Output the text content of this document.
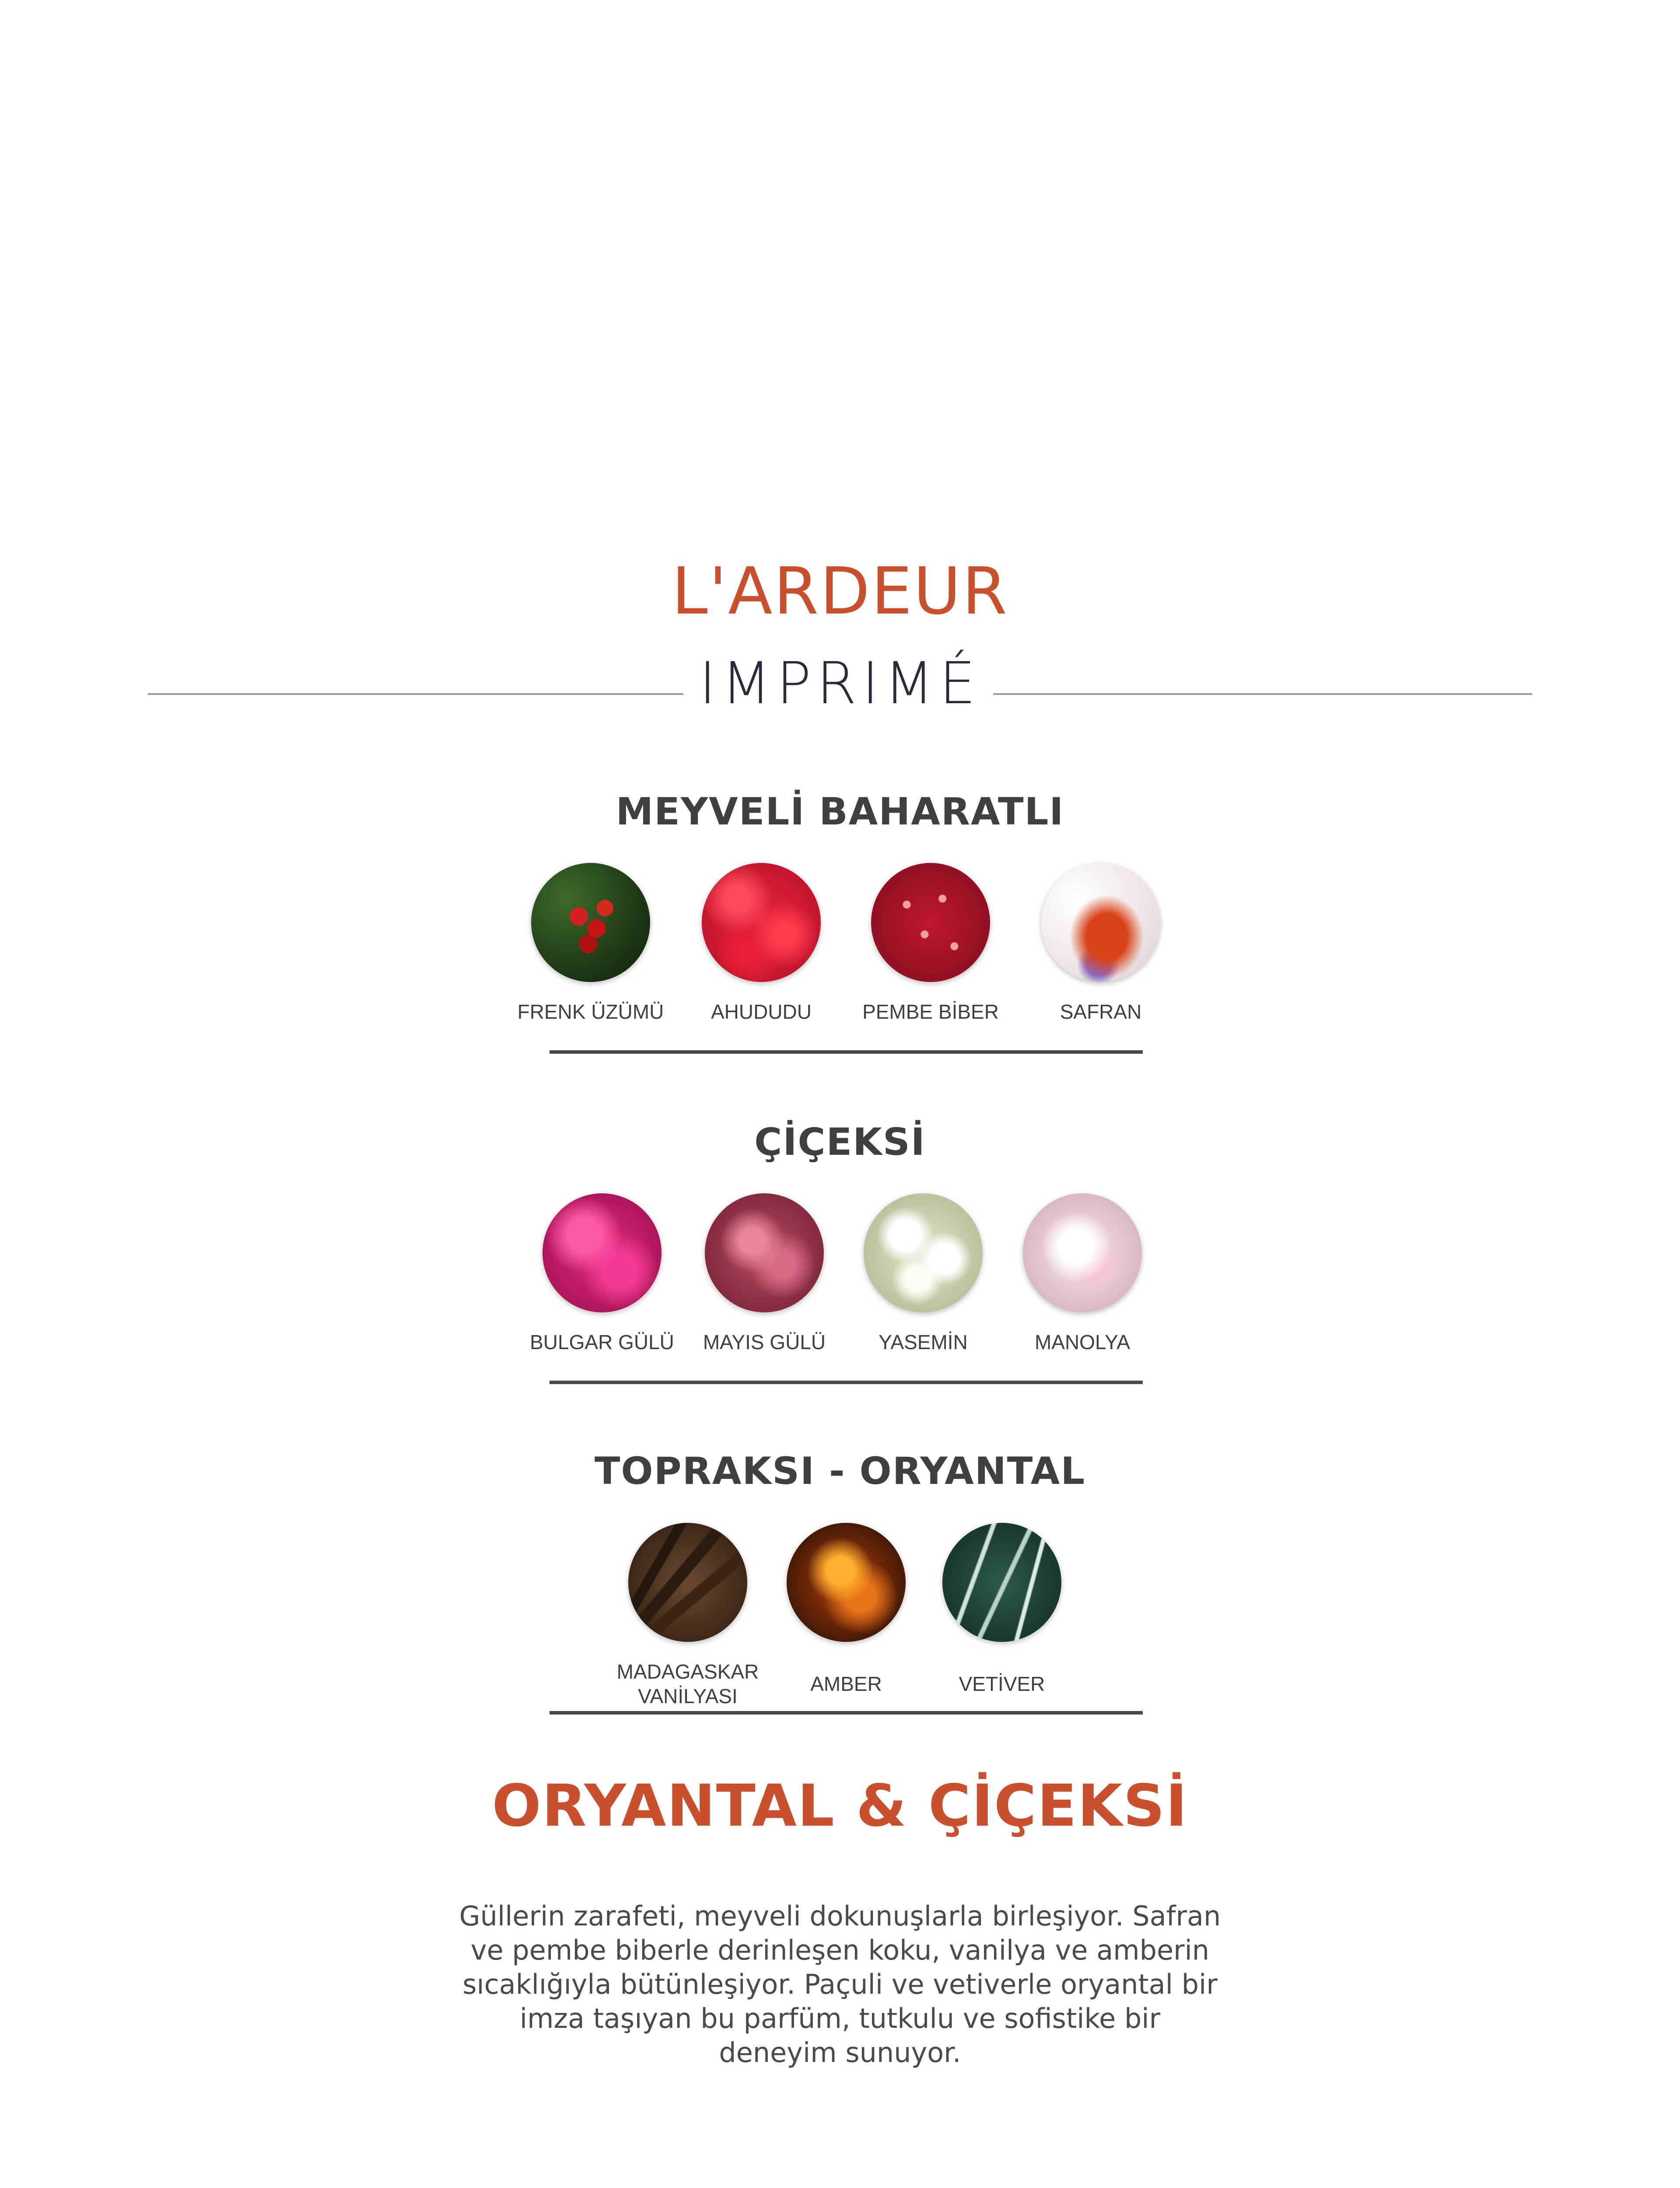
L'ARDEUR
IMPRIMÉ
MEYVELİ BAHARATLI
FRENK ÜZÜMÜ	AHUDUDU	PEMBE BİBER	SAFRAN
ÇİÇEKSİ
BULGAR GÜLÜ	MAYIS GÜLÜ	YASEMİN	MANOLYA
TOPRAKSI - ORYANTAL
MADAGASKAR
VANİLYASI
AMBER	VETİVER
ORYANTAL & ÇİÇEKSİ
Güllerin zarafeti, meyveli dokunuşlarla birleşiyor. Safran
ve pembe biberle derinleşen koku, vanilya ve amberin
sıcaklığıyla bütünleşiyor. Paçuli ve vetiverle oryantal bir
imza taşıyan bu parfüm, tutkulu ve sofistike bir
deneyim sunuyor.
